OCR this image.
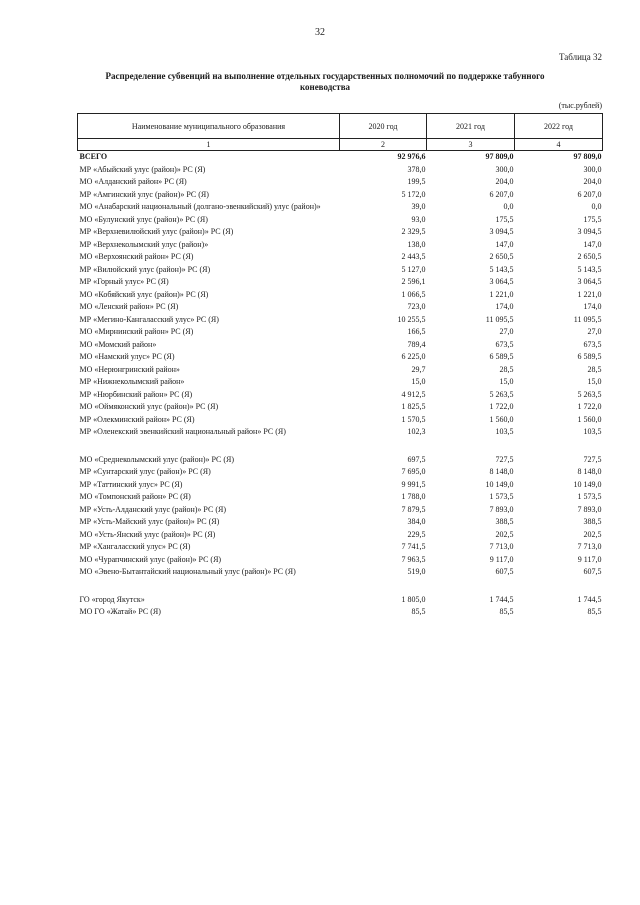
32
Таблица 32
Распределение субвенций на выполнение отдельных государственных полномочий по поддержке табунного коневодства
(тыс.рублей)
Наименование муниципального образования	2020 год	2021 год	2022 год
1	2	3	4
ВСЕГО	92 976,6	97 809,0	97 809,0
МР «Абыйский улус (район)» РС (Я)	378,0	300,0	300,0
МО «Алданский район» РС (Я)	199,5	204,0	204,0
МР «Амгинский улус (район)» РС (Я)	5 172,0	6 207,0	6 207,0
МО «Анабарский национальный (долгано-эвенкийский) улус (район)»	39,0	0,0	0,0
МО «Булунский улус (район)» РС (Я)	93,0	175,5	175,5
МР «Верхневилюйский улус (район)» РС (Я)	2 329,5	3 094,5	3 094,5
МР «Верхнеколымский улус (район)»	138,0	147,0	147,0
МО «Верхоянский район» РС (Я)	2 443,5	2 650,5	2 650,5
МР «Вилюйский улус (район)» РС (Я)	5 127,0	5 143,5	5 143,5
МР «Горный улус» РС (Я)	2 596,1	3 064,5	3 064,5
МО «Кобяйский улус (район)» РС (Я)	1 066,5	1 221,0	1 221,0
МО «Ленский район» РС (Я)	723,0	174,0	174,0
МР «Мегино-Кангаласский улус» РС (Я)	10 255,5	11 095,5	11 095,5
МО «Мирнинский район» РС (Я)	166,5	27,0	27,0
МО «Момский район»	789,4	673,5	673,5
МО «Намский улус» РС (Я)	6 225,0	6 589,5	6 589,5
МО «Нерюнгринский район»	29,7	28,5	28,5
МР «Нижнеколымский район»	15,0	15,0	15,0
МР «Нюрбинский район» РС (Я)	4 912,5	5 263,5	5 263,5
МО «Оймяконский улус (район)» РС (Я)	1 825,5	1 722,0	1 722,0
МР «Олекминский район» РС (Я)	1 570,5	1 560,0	1 560,0
МР «Оленекский эвенкийский национальный район» РС (Я)	102,3	103,5	103,5

МО «Среднеколымский улус (район)» РС (Я)	697,5	727,5	727,5
МР «Сунтарский улус (район)» РС (Я)	7 695,0	8 148,0	8 148,0
МР «Таттинский улус» РС (Я)	9 991,5	10 149,0	10 149,0
МО «Томпонский район» РС (Я)	1 788,0	1 573,5	1 573,5
МР «Усть-Алданский улус (район)» РС (Я)	7 879,5	7 893,0	7 893,0
МР «Усть-Майский улус (район)» РС (Я)	384,0	388,5	388,5
МО «Усть-Янский улус (район)» РС (Я)	229,5	202,5	202,5
МР «Хангаласский улус» РС (Я)	7 741,5	7 713,0	7 713,0
МО «Чурапчинский улус (район)» РС (Я)	7 963,5	9 117,0	9 117,0
МО «Эвено-Бытантайский национальный улус (район)» РС (Я)	519,0	607,5	607,5

ГО «город Якутск»	1 805,0	1 744,5	1 744,5
МО ГО «Жатай» РС (Я)	85,5	85,5	85,5
